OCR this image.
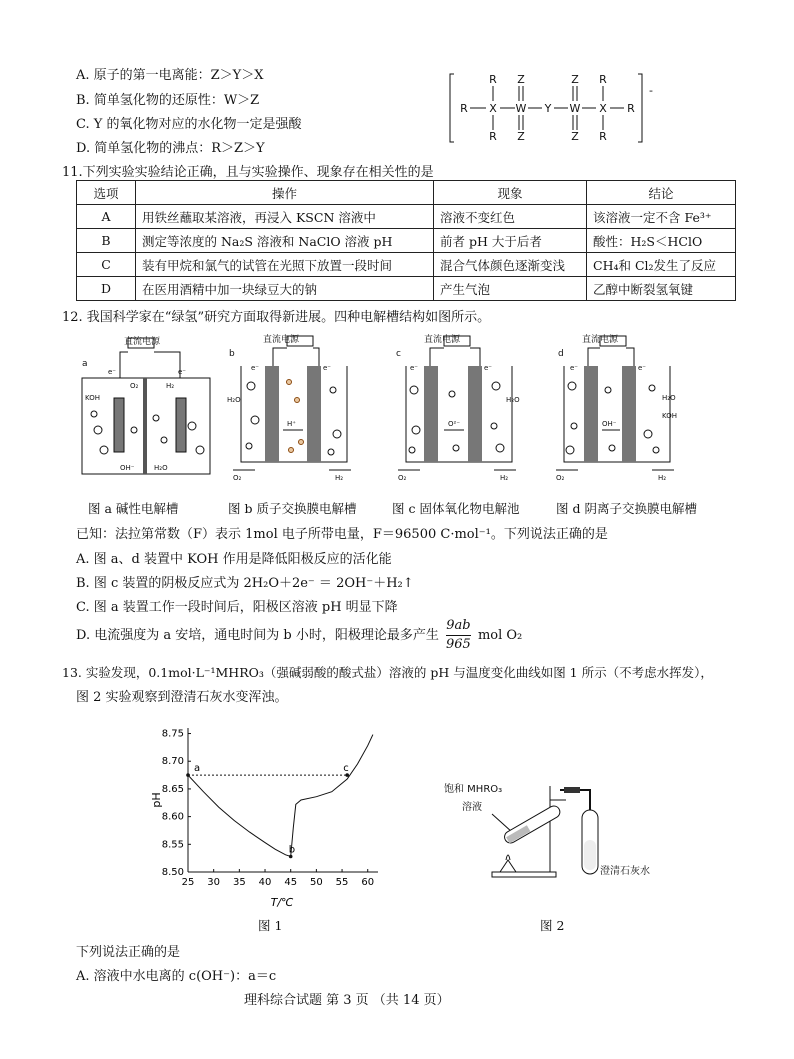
A. 原子的第一电离能：Z＞Y＞X
B. 简单氢化物的还原性：W＞Z
C. Y 的氧化物对应的水化物一定是强酸
D. 简单氢化物的沸点：R＞Z＞Y
R X
R
R
W
Z
Z
Y W
Z
Z
X
R
R
R
-
11.下列实验实验结论正确，且与实验操作、现象存在相关性的是
选项	操作	现象	结论
A	用铁丝蘸取某溶液，再浸入 KSCN 溶液中	溶液不变红色	该溶液一定不含 Fe³⁺
B	测定等浓度的 Na₂S 溶液和 NaClO 溶液 pH	前者 pH 大于后者	酸性：H₂S＜HClO
C	装有甲烷和氯气的试管在光照下放置一段时间	混合气体颜色逐渐变浅	CH₄和 Cl₂发生了反应
D	在医用酒精中加一块绿豆大的钠	产生气泡	乙醇中断裂氢氧键
12. 我国科学家在“绿氢”研究方面取得新进展。四种电解槽结构如图所示。
直流电源
a
e⁻	e⁻
KOH
O₂	H₂
OH⁻	H₂O
图 a 碱性电解槽
直流电源
b
e⁻	e⁻
H₂O
H⁺
O₂	H₂
图 b 质子交换膜电解槽
直流电源
c
e⁻	e⁻
H₂O
O²⁻
O₂	H₂
图 c 固体氧化物电解池
直流电源
d
e⁻	e⁻
H₂O
KOH
OH⁻
O₂	H₂
图 d 阴离子交换膜电解槽
已知：法拉第常数（F）表示 1mol 电子所带电量，F＝96500 C·mol⁻¹。下列说法正确的是
A. 图 a、d 装置中 KOH 作用是降低阳极反应的活化能
B. 图 c 装置的阴极反应式为 2H₂O＋2e⁻ ＝ 2OH⁻＋H₂↑
C. 图 a 装置工作一段时间后，阳极区溶液 pH 明显下降
D. 电流强度为 a 安培，通电时间为 b 小时，阳极理论最多产生 $\frac{9ab}{965}$ mol O₂
13. 实验发现，0.1mol·L⁻¹MHRO₃（强碱弱酸的酸式盐）溶液的 pH 与温度变化曲线如图 1 所示（不考虑水挥发），
图 2 实验观察到澄清石灰水变浑浊。
pH
T/℃
25 30 35 40 45 50 55 60
8.50
8.55
8.60
8.65
8.70
8.75
a
b
c
图 1
饱和 MHRO₃
溶液
澄清石灰水
图 2
下列说法正确的是
A. 溶液中水电离的 c(OH⁻)：a＝c
理科综合试题 第 3 页 （共 14 页）
